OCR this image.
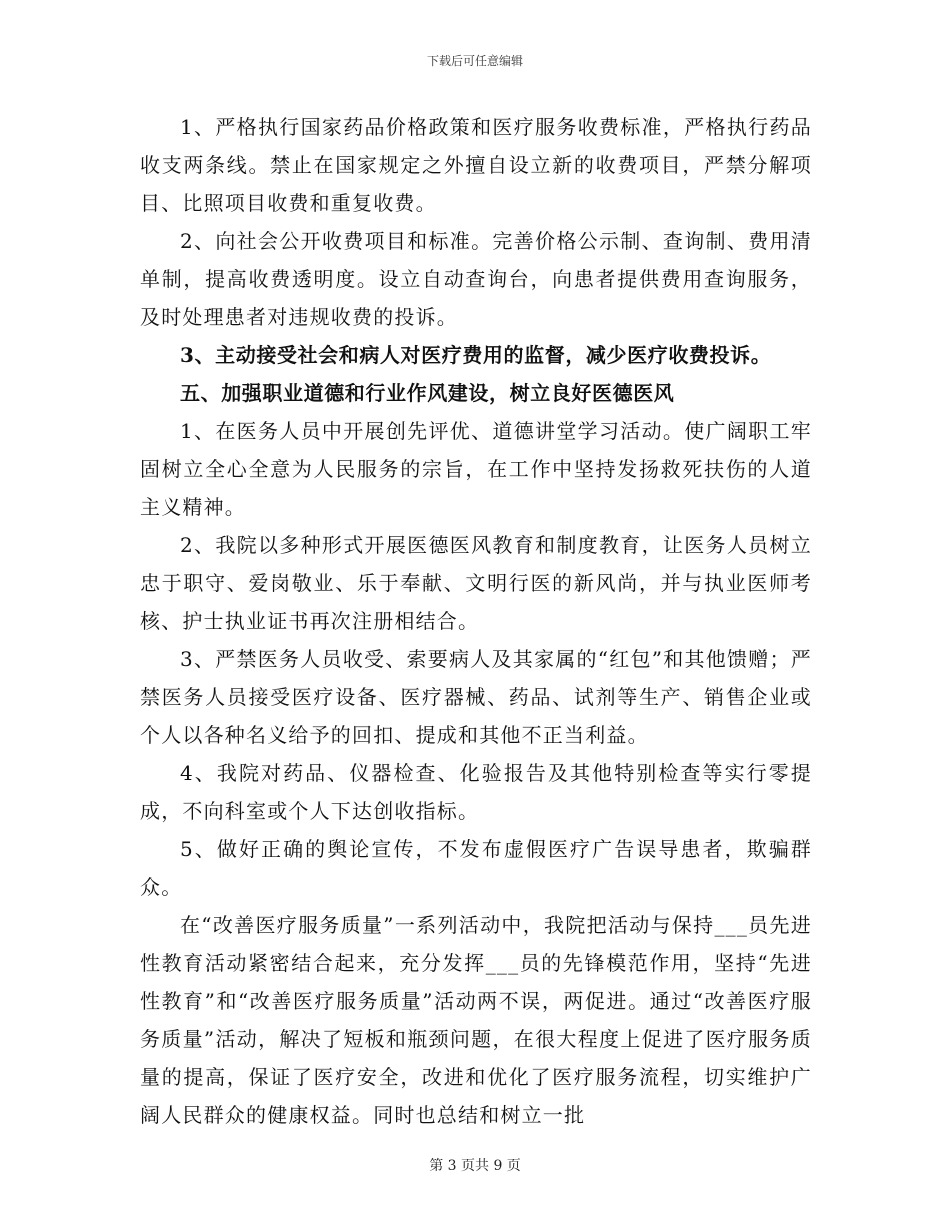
下载后可任意编辑

1、严格执行国家药品价格政策和医疗服务收费标准，严格执行药品收支两条线。禁止在国家规定之外擅自设立新的收费项目，严禁分解项目、比照项目收费和重复收费。

2、向社会公开收费项目和标准。完善价格公示制、查询制、费用清单制，提高收费透明度。设立自动查询台，向患者提供费用查询服务，及时处理患者对违规收费的投诉。

3、主动接受社会和病人对医疗费用的监督，减少医疗收费投诉。

五、加强职业道德和行业作风建设，树立良好医德医风

1、在医务人员中开展创先评优、道德讲堂学习活动。使广阔职工牢固树立全心全意为人民服务的宗旨，在工作中坚持发扬救死扶伤的人道主义精神。

2、我院以多种形式开展医德医风教育和制度教育，让医务人员树立忠于职守、爱岗敬业、乐于奉献、文明行医的新风尚，并与执业医师考核、护士执业证书再次注册相结合。

3、严禁医务人员收受、索要病人及其家属的“红包”和其他馈赠；严禁医务人员接受医疗设备、医疗器械、药品、试剂等生产、销售企业或个人以各种名义给予的回扣、提成和其他不正当利益。

4、我院对药品、仪器检查、化验报告及其他特别检查等实行零提成，不向科室或个人下达创收指标。

5、做好正确的舆论宣传，不发布虚假医疗广告误导患者，欺骗群众。

在“改善医疗服务质量”一系列活动中，我院把活动与保持___员先进性教育活动紧密结合起来，充分发挥___员的先锋模范作用，坚持“先进性教育”和“改善医疗服务质量”活动两不误，两促进。通过“改善医疗服务质量”活动，解决了短板和瓶颈问题，在很大程度上促进了医疗服务质量的提高，保证了医疗安全，改进和优化了医疗服务流程，切实维护广阔人民群众的健康权益。同时也总结和树立一批

第 3 页共 9 页
